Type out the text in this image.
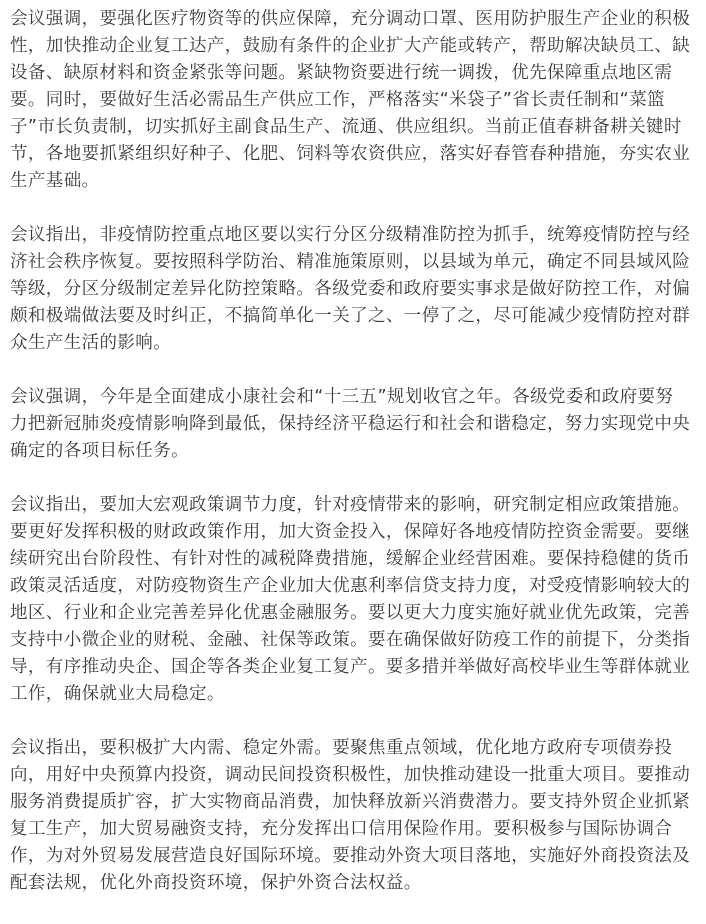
会议强调，要强化医疗物资等的供应保障，充分调动口罩、医用防护服生产企业的积极
性，加快推动企业复工达产，鼓励有条件的企业扩大产能或转产，帮助解决缺员工、缺
设备、缺原材料和资金紧张等问题。紧缺物资要进行统一调拨，优先保障重点地区需
要。同时，要做好生活必需品生产供应工作，严格落实“米袋子”省长责任制和“菜篮
子”市长负责制，切实抓好主副食品生产、流通、供应组织。当前正值春耕备耕关键时
节，各地要抓紧组织好种子、化肥、饲料等农资供应，落实好春管春种措施，夯实农业
生产基础。

会议指出，非疫情防控重点地区要以实行分区分级精准防控为抓手，统筹疫情防控与经
济社会秩序恢复。要按照科学防治、精准施策原则，以县域为单元，确定不同县域风险
等级，分区分级制定差异化防控策略。各级党委和政府要实事求是做好防控工作，对偏
颇和极端做法要及时纠正，不搞简单化一关了之、一停了之，尽可能减少疫情防控对群
众生产生活的影响。

会议强调，今年是全面建成小康社会和“十三五”规划收官之年。各级党委和政府要努
力把新冠肺炎疫情影响降到最低，保持经济平稳运行和社会和谐稳定，努力实现党中央
确定的各项目标任务。

会议指出，要加大宏观政策调节力度，针对疫情带来的影响，研究制定相应政策措施。
要更好发挥积极的财政政策作用，加大资金投入，保障好各地疫情防控资金需要。要继
续研究出台阶段性、有针对性的减税降费措施，缓解企业经营困难。要保持稳健的货币
政策灵活适度，对防疫物资生产企业加大优惠利率信贷支持力度，对受疫情影响较大的
地区、行业和企业完善差异化优惠金融服务。要以更大力度实施好就业优先政策，完善
支持中小微企业的财税、金融、社保等政策。要在确保做好防疫工作的前提下，分类指
导，有序推动央企、国企等各类企业复工复产。要多措并举做好高校毕业生等群体就业
工作，确保就业大局稳定。

会议指出，要积极扩大内需、稳定外需。要聚焦重点领域，优化地方政府专项债券投
向，用好中央预算内投资，调动民间投资积极性，加快推动建设一批重大项目。要推动
服务消费提质扩容，扩大实物商品消费，加快释放新兴消费潜力。要支持外贸企业抓紧
复工生产，加大贸易融资支持，充分发挥出口信用保险作用。要积极参与国际协调合
作，为对外贸易发展营造良好国际环境。要推动外资大项目落地，实施好外商投资法及
配套法规，优化外商投资环境，保护外资合法权益。
